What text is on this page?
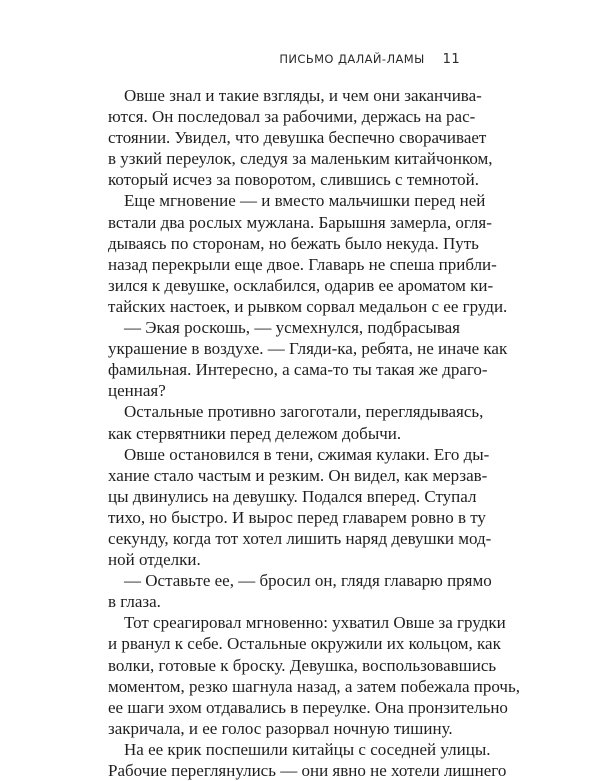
ПИСЬМО ДАЛАЙ-ЛАМЫ 11
Овше знал и такие взгляды, и чем они заканчива-
ются. Он последовал за рабочими, держась на рас-
стоянии. Увидел, что девушка беспечно сворачивает
в узкий переулок, следуя за маленьким китайчонком,
который исчез за поворотом, слившись с темнотой.
Еще мгновение — и вместо мальчишки перед ней
встали два рослых мужлана. Барышня замерла, огля-
дываясь по сторонам, но бежать было некуда. Путь
назад перекрыли еще двое. Главарь не спеша прибли-
зился к девушке, осклабился, одарив ее ароматом ки-
тайских настоек, и рывком сорвал медальон с ее груди.
— Экая роскошь, — усмехнулся, подбрасывая
украшение в воздухе. — Гляди-ка, ребята, не иначе как
фамильная. Интересно, а сама-то ты такая же драго-
ценная?
Остальные противно загоготали, переглядываясь,
как стервятники перед дележом добычи.
Овше остановился в тени, сжимая кулаки. Его ды-
хание стало частым и резким. Он видел, как мерзав-
цы двинулись на девушку. Подался вперед. Ступал
тихо, но быстро. И вырос перед главарем ровно в ту
секунду, когда тот хотел лишить наряд девушки мод-
ной отделки.
— Оставьте ее, — бросил он, глядя главарю прямо
в глаза.
Тот среагировал мгновенно: ухватил Овше за грудки
и рванул к себе. Остальные окружили их кольцом, как
волки, готовые к броску. Девушка, воспользовавшись
моментом, резко шагнула назад, а затем побежала прочь,
ее шаги эхом отдавались в переулке. Она пронзительно
закричала, и ее голос разорвал ночную тишину.
На ее крик поспешили китайцы с соседней улицы.
Рабочие переглянулись — они явно не хотели лишнего
